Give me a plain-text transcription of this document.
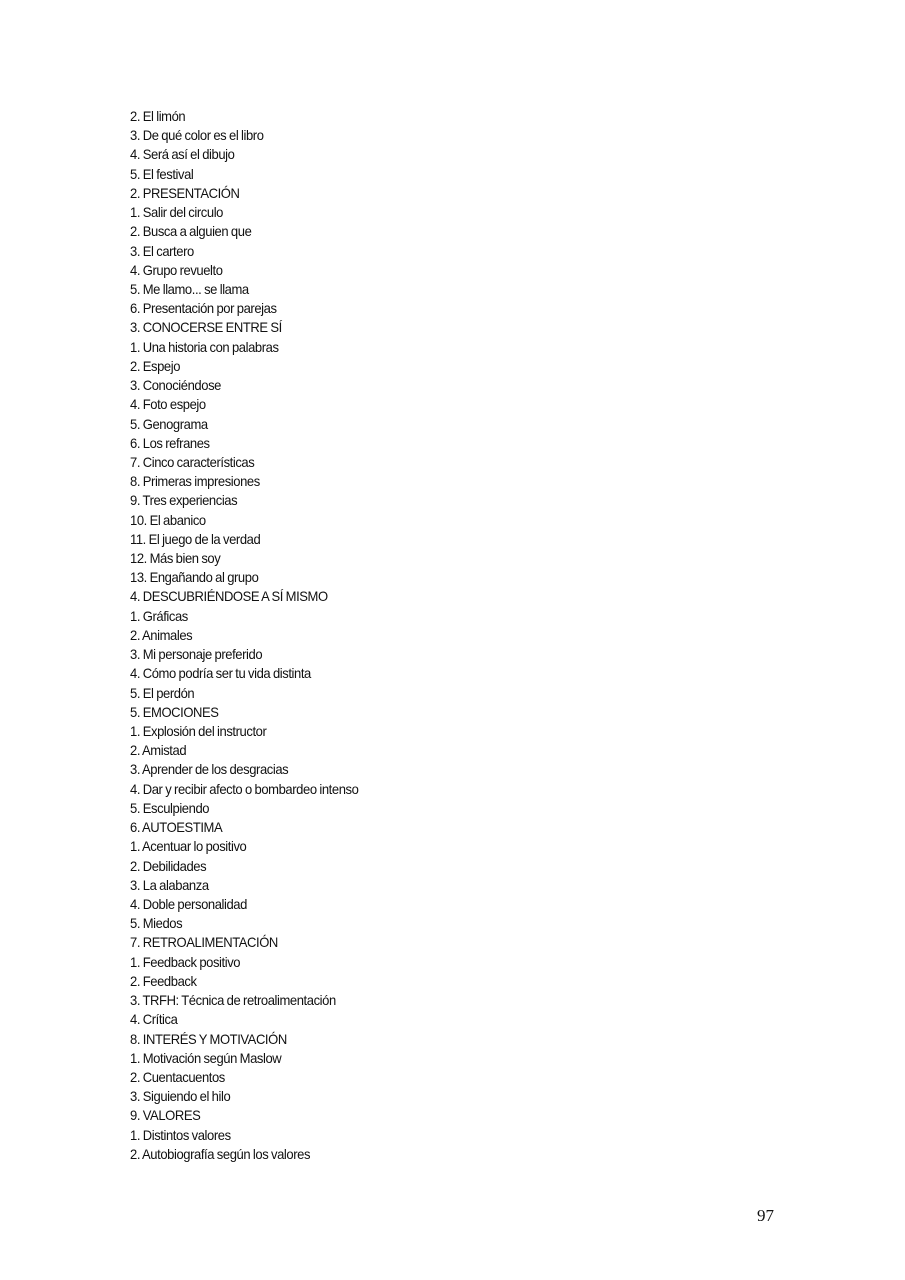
2. El limón
3. De qué color es el libro
4. Será así el dibujo
5. El festival
2. PRESENTACIÓN
1. Salir del circulo
2. Busca a alguien que
3. El cartero
4. Grupo revuelto
5. Me llamo... se llama
6. Presentación por parejas
3. CONOCERSE ENTRE SÍ
1. Una historia con palabras
2. Espejo
3. Conociéndose
4. Foto espejo
5. Genograma
6. Los refranes
7. Cinco características
8. Primeras impresiones
9. Tres experiencias
10. El abanico
11. El juego de la verdad
12. Más bien soy
13. Engañando al grupo
4. DESCUBRIÉNDOSE A SÍ MISMO
1. Gráficas
2. Animales
3. Mi personaje preferido
4. Cómo podría ser tu vida distinta
5. El perdón
5. EMOCIONES
1. Explosión del instructor
2. Amistad
3. Aprender de los desgracias
4. Dar y recibir afecto o bombardeo intenso
5. Esculpiendo
6. AUTOESTIMA
1. Acentuar lo positivo
2. Debilidades
3. La alabanza
4. Doble personalidad
5. Miedos
7. RETROALIMENTACIÓN
1. Feedback positivo
2. Feedback
3. TRFH: Técnica de retroalimentación
4. Crítica
8. INTERÉS Y MOTIVACIÓN
1. Motivación según Maslow
2. Cuentacuentos
3. Siguiendo el hilo
9. VALORES
1. Distintos valores
2. Autobiografía según los valores
97
